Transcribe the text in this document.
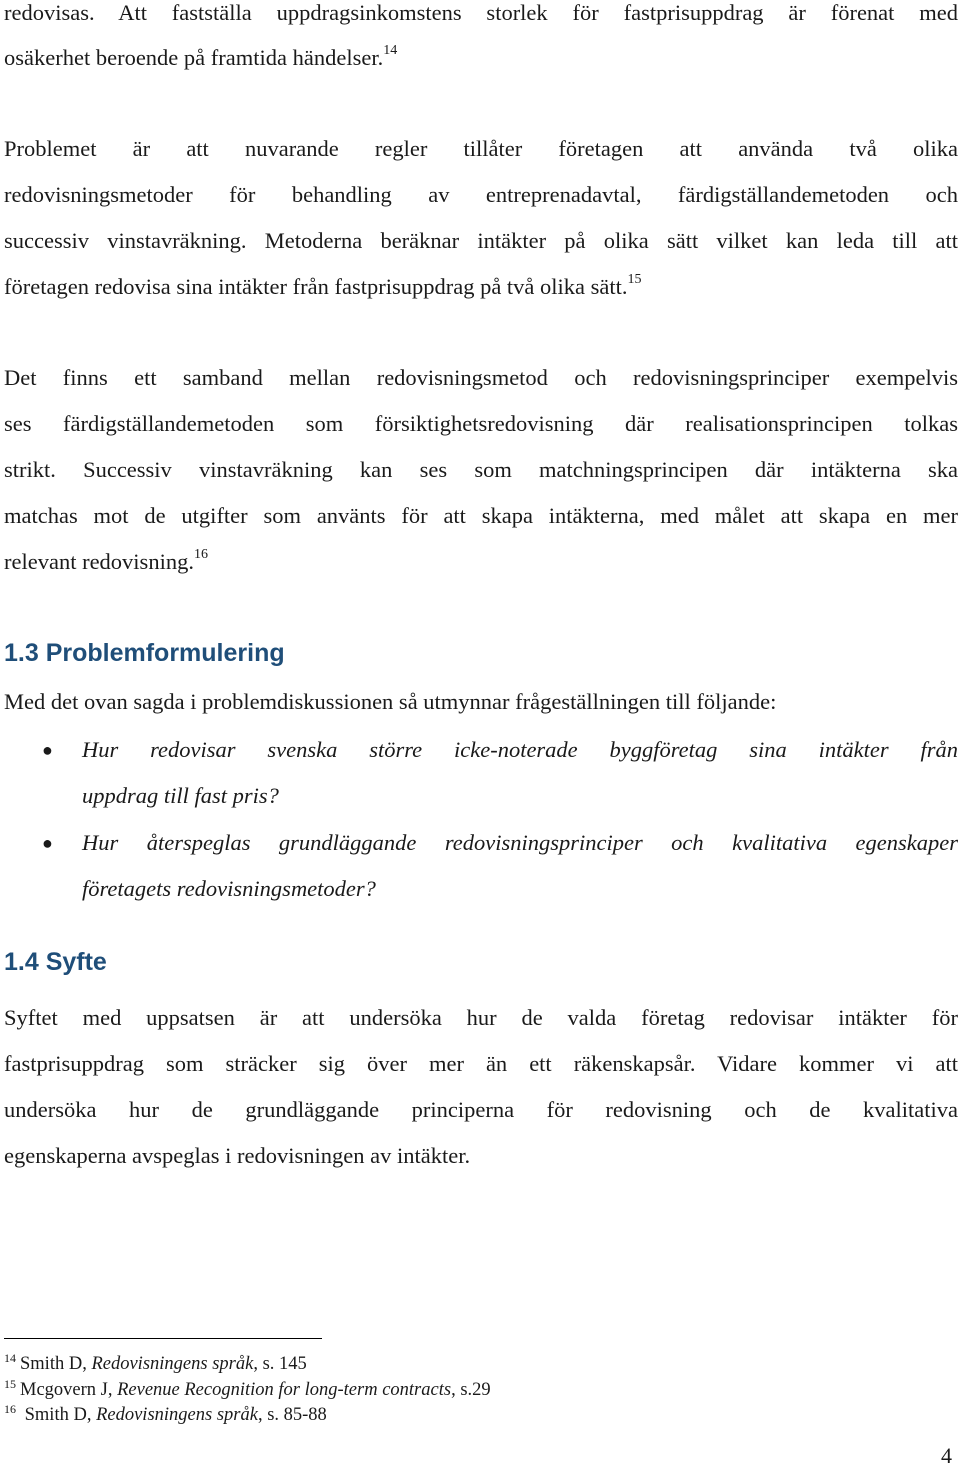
redovisas. Att fastställa uppdragsinkomstens storlek för fastprisuppdrag är förenat med
osäkerhet beroende på framtida händelser.$^{14}$
Problemet är att nuvarande regler tillåter företagen att använda två olika
redovisningsmetoder för behandling av entreprenadavtal, färdigställandemetoden och
successiv vinstavräkning. Metoderna beräknar intäkter på olika sätt vilket kan leda till att
företagen redovisa sina intäkter från fastprisuppdrag på två olika sätt.$^{15}$
Det finns ett samband mellan redovisningsmetod och redovisningsprinciper exempelvis
ses färdigställandemetoden som försiktighetsredovisning där realisationsprincipen tolkas
strikt. Successiv vinstavräkning kan ses som matchningsprincipen där intäkterna ska
matchas mot de utgifter som använts för att skapa intäkterna, med målet att skapa en mer
relevant redovisning.$^{16}$
1.3 Problemformulering
Med det ovan sagda i problemdiskussionen så utmynnar frågeställningen till följande:
● Hur redovisar svenska större icke-noterade byggföretag sina intäkter från
uppdrag till fast pris?
● Hur återspeglas grundläggande redovisningsprinciper och kvalitativa egenskaper
företagets redovisningsmetoder?
1.4 Syfte
Syftet med uppsatsen är att undersöka hur de valda företag redovisar intäkter för
fastprisuppdrag som sträcker sig över mer än ett räkenskapsår. Vidare kommer vi att
undersöka hur de grundläggande principerna för redovisning och de kvalitativa
egenskaperna avspeglas i redovisningen av intäkter.
$^{14}$ Smith D, Redovisningens språk, s. 145
$^{15}$ Mcgovern J, Revenue Recognition for long-term contracts, s.29
$^{16}$ Smith D, Redovisningens språk, s. 85-88
4
